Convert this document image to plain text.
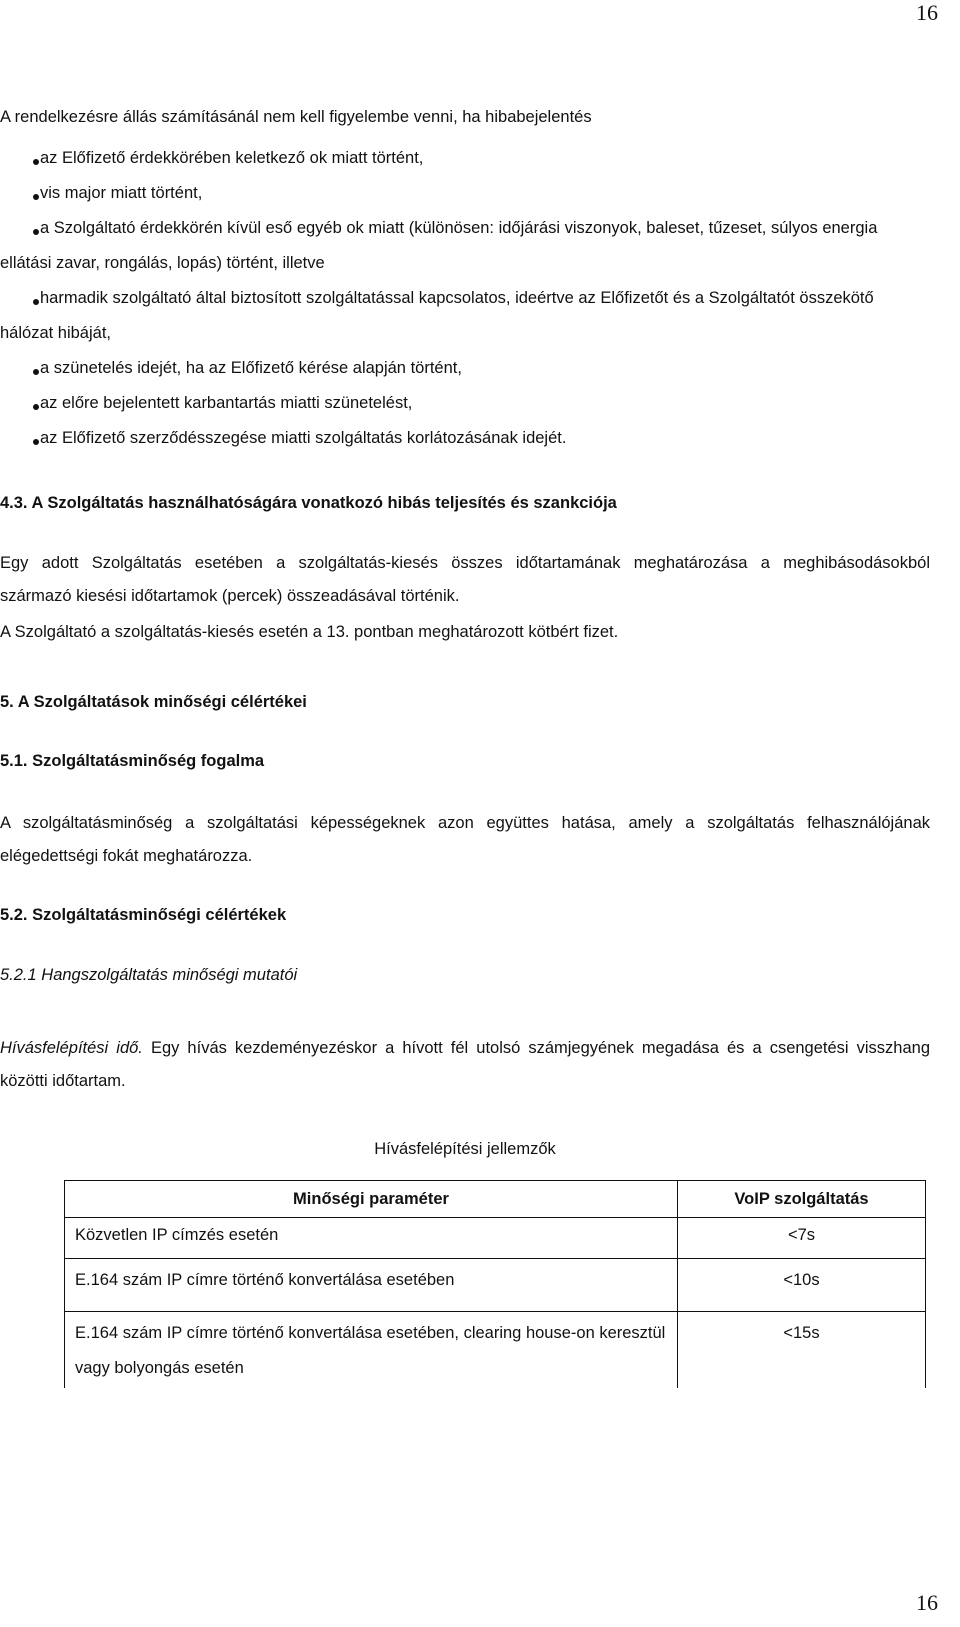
16
A rendelkezésre állás számításánál nem kell figyelembe venni, ha hibabejelentés
az Előfizető érdekkörében keletkező ok miatt történt,
vis major miatt történt,
a Szolgáltató érdekkörén kívül eső egyéb ok miatt (különösen: időjárási viszonyok, baleset, tűzeset, súlyos energia
ellátási zavar, rongálás, lopás) történt, illetve
harmadik szolgáltató által biztosított szolgáltatással kapcsolatos, ideértve az Előfizetőt és a Szolgáltatót összekötő
hálózat hibáját,
a szünetelés idejét, ha az Előfizető kérése alapján történt,
az előre bejelentett karbantartás miatti szünetelést,
az Előfizető szerződésszegése miatti szolgáltatás korlátozásának idejét.
4.3. A Szolgáltatás használhatóságára vonatkozó hibás teljesítés és szankciója
Egy adott Szolgáltatás esetében a szolgáltatás-kiesés összes időtartamának meghatározása a meghibásodásokból
származó kiesési időtartamok (percek) összeadásával történik.
A Szolgáltató a szolgáltatás-kiesés esetén a 13. pontban meghatározott kötbért fizet.
5. A Szolgáltatások minőségi célértékei
5.1. Szolgáltatásminőség fogalma
A szolgáltatásminőség a szolgáltatási képességeknek azon együttes hatása, amely a szolgáltatás felhasználójának
elégedettségi fokát meghatározza.
5.2. Szolgáltatásminőségi célértékek
5.2.1 Hangszolgáltatás minőségi mutatói
Hívásfelépítési idő. Egy hívás kezdeményezéskor a hívott fél utolsó számjegyének megadása és a csengetési visszhang
közötti időtartam.
Hívásfelépítési jellemzők
Minőségi paraméter	VoIP szolgáltatás
Közvetlen IP címzés esetén	<7s
E.164 szám IP címre történő konvertálása esetében	<10s
E.164 szám IP címre történő konvertálása esetében, clearing house-on keresztül vagy bolyongás esetén	<15s
16
